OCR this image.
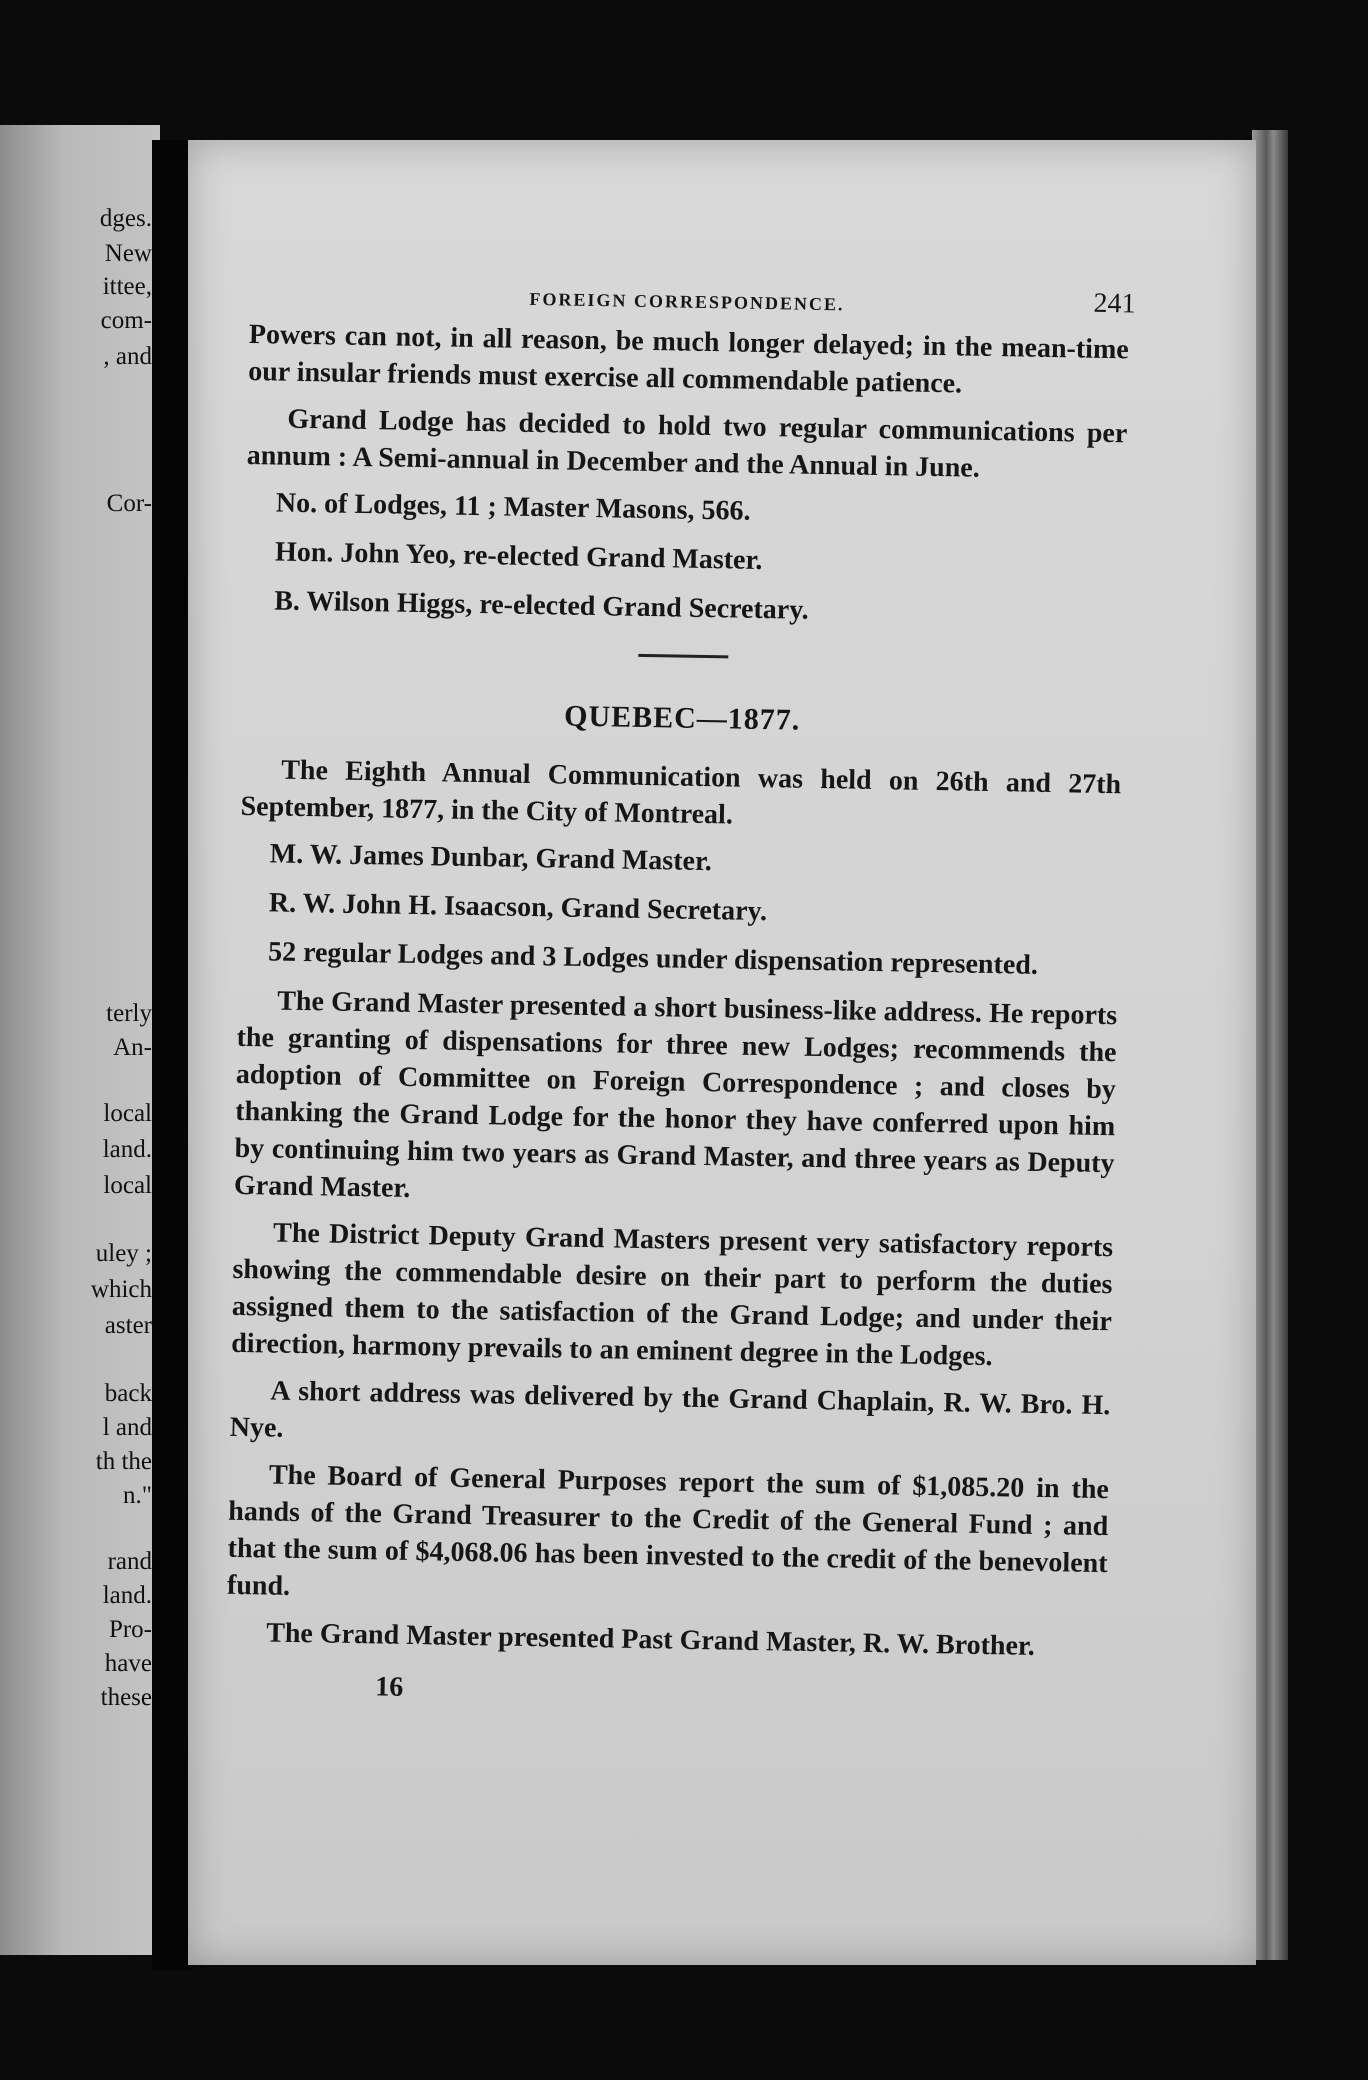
dges.
New
ittee,
com-
, and
Cor-
terly
An-
local
land.
local
uley ;
which
aster
back
l and
th the
n."
rand
land.
Pro-
have
these
FOREIGN CORRESPONDENCE.	241

Powers can not, in all reason, be much longer delayed; in the mean-time our insular friends must exercise all commendable patience.

Grand Lodge has decided to hold two regular communications per annum : A Semi-annual in December and the Annual in June.

No. of Lodges, 11 ; Master Masons, 566.

Hon. John Yeo, re-elected Grand Master.

B. Wilson Higgs, re-elected Grand Secretary.

QUEBEC—1877.

The Eighth Annual Communication was held on 26th and 27th September, 1877, in the City of Montreal.

M. W. James Dunbar, Grand Master.

R. W. John H. Isaacson, Grand Secretary.

52 regular Lodges and 3 Lodges under dispensation represented.

The Grand Master presented a short business-like address. He reports the granting of dispensations for three new Lodges; recommends the adoption of Committee on Foreign Correspondence ; and closes by thanking the Grand Lodge for the honor they have conferred upon him by continuing him two years as Grand Master, and three years as Deputy Grand Master.

The District Deputy Grand Masters present very satisfactory reports showing the commendable desire on their part to perform the duties assigned them to the satisfaction of the Grand Lodge; and under their direction, harmony prevails to an eminent degree in the Lodges.

A short address was delivered by the Grand Chaplain, R. W. Bro. H. Nye.

The Board of General Purposes report the sum of $1,085.20 in the hands of the Grand Treasurer to the Credit of the General Fund ; and that the sum of $4,068.06 has been invested to the credit of the benevolent fund.

The Grand Master presented Past Grand Master, R. W. Brother.

16
